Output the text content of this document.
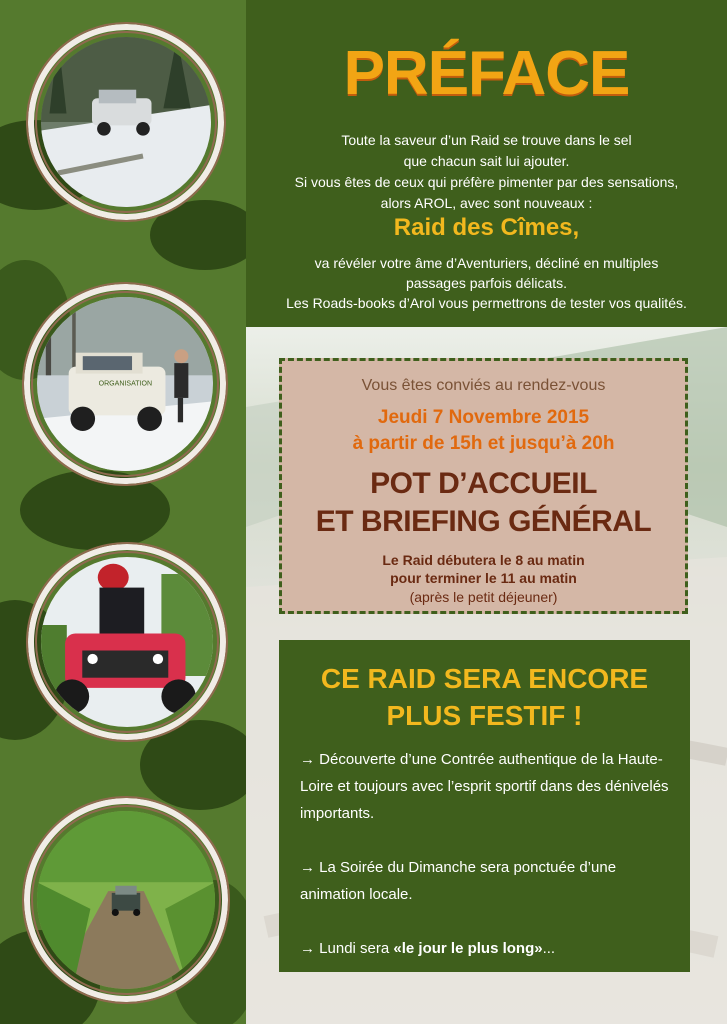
ORGANISATION
PRÉFACE
Toute la saveur d’un Raid se trouve dans le sel
que chacun sait lui ajouter.
Si vous êtes de ceux qui préfère pimenter par des sensations,
alors AROL, avec sont nouveaux :
Raid des Cîmes,
va révéler votre âme d’Aventuriers, décliné en multiples
passages parfois délicats.
Les Roads-books d’Arol vous permettrons de tester vos qualités.
Vous êtes conviés au rendez-vous
Jeudi 7 Novembre 2015
à partir de 15h et jusqu’à 20h
POT D’ACCUEIL
ET BRIEFING GÉNÉRAL
Le Raid débutera le 8 au matin
pour terminer le 11 au matin
(après le petit déjeuner)
CE RAID SERA ENCORE
PLUS FESTIF !
→ Découverte d’une Contrée authentique de la Haute-Loire et toujours avec l’esprit sportif dans des dénivelés importants.
→ La Soirée du Dimanche sera ponctuée d’une animation locale.
→ Lundi sera «le jour le plus long»...
